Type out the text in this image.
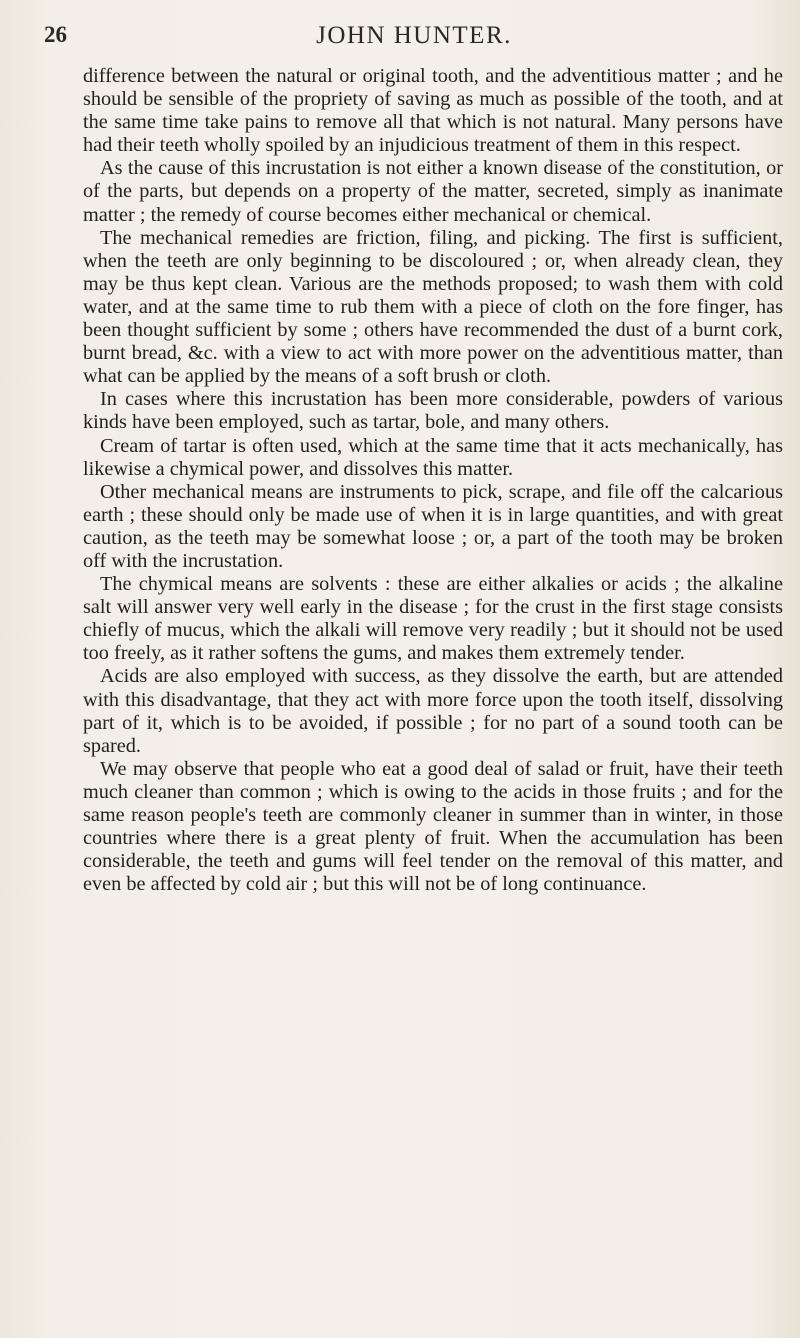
26	JOHN HUNTER.

difference between the natural or original tooth, and the adventitious matter ; and he should be sensible of the propriety of saving as much as possible of the tooth, and at the same time take pains to remove all that which is not natural. Many persons have had their teeth wholly spoiled by an injudicious treatment of them in this respect.

As the cause of this incrustation is not either a known disease of the constitution, or of the parts, but depends on a property of the matter, secreted, simply as inanimate matter ; the remedy of course becomes either mechanical or chemical.

The mechanical remedies are friction, filing, and picking. The first is sufficient, when the teeth are only beginning to be discoloured ; or, when already clean, they may be thus kept clean. Various are the methods proposed; to wash them with cold water, and at the same time to rub them with a piece of cloth on the fore finger, has been thought sufficient by some ; others have recommended the dust of a burnt cork, burnt bread, &c. with a view to act with more power on the adventitious matter, than what can be applied by the means of a soft brush or cloth.

In cases where this incrustation has been more considerable, powders of various kinds have been employed, such as tartar, bole, and many others.

Cream of tartar is often used, which at the same time that it acts mechanically, has likewise a chymical power, and dissolves this matter.

Other mechanical means are instruments to pick, scrape, and file off the calcarious earth ; these should only be made use of when it is in large quantities, and with great caution, as the teeth may be somewhat loose ; or, a part of the tooth may be broken off with the incrustation.

The chymical means are solvents : these are either alkalies or acids ; the alkaline salt will answer very well early in the disease ; for the crust in the first stage consists chiefly of mucus, which the alkali will remove very readily ; but it should not be used too freely, as it rather softens the gums, and makes them extremely tender.

Acids are also employed with success, as they dissolve the earth, but are attended with this disadvantage, that they act with more force upon the tooth itself, dissolving part of it, which is to be avoided, if possible ; for no part of a sound tooth can be spared.

We may observe that people who eat a good deal of salad or fruit, have their teeth much cleaner than common ; which is owing to the acids in those fruits ; and for the same reason people's teeth are commonly cleaner in summer than in winter, in those countries where there is a great plenty of fruit. When the accumulation has been considerable, the teeth and gums will feel tender on the removal of this matter, and even be affected by cold air ; but this will not be of long continuance.
